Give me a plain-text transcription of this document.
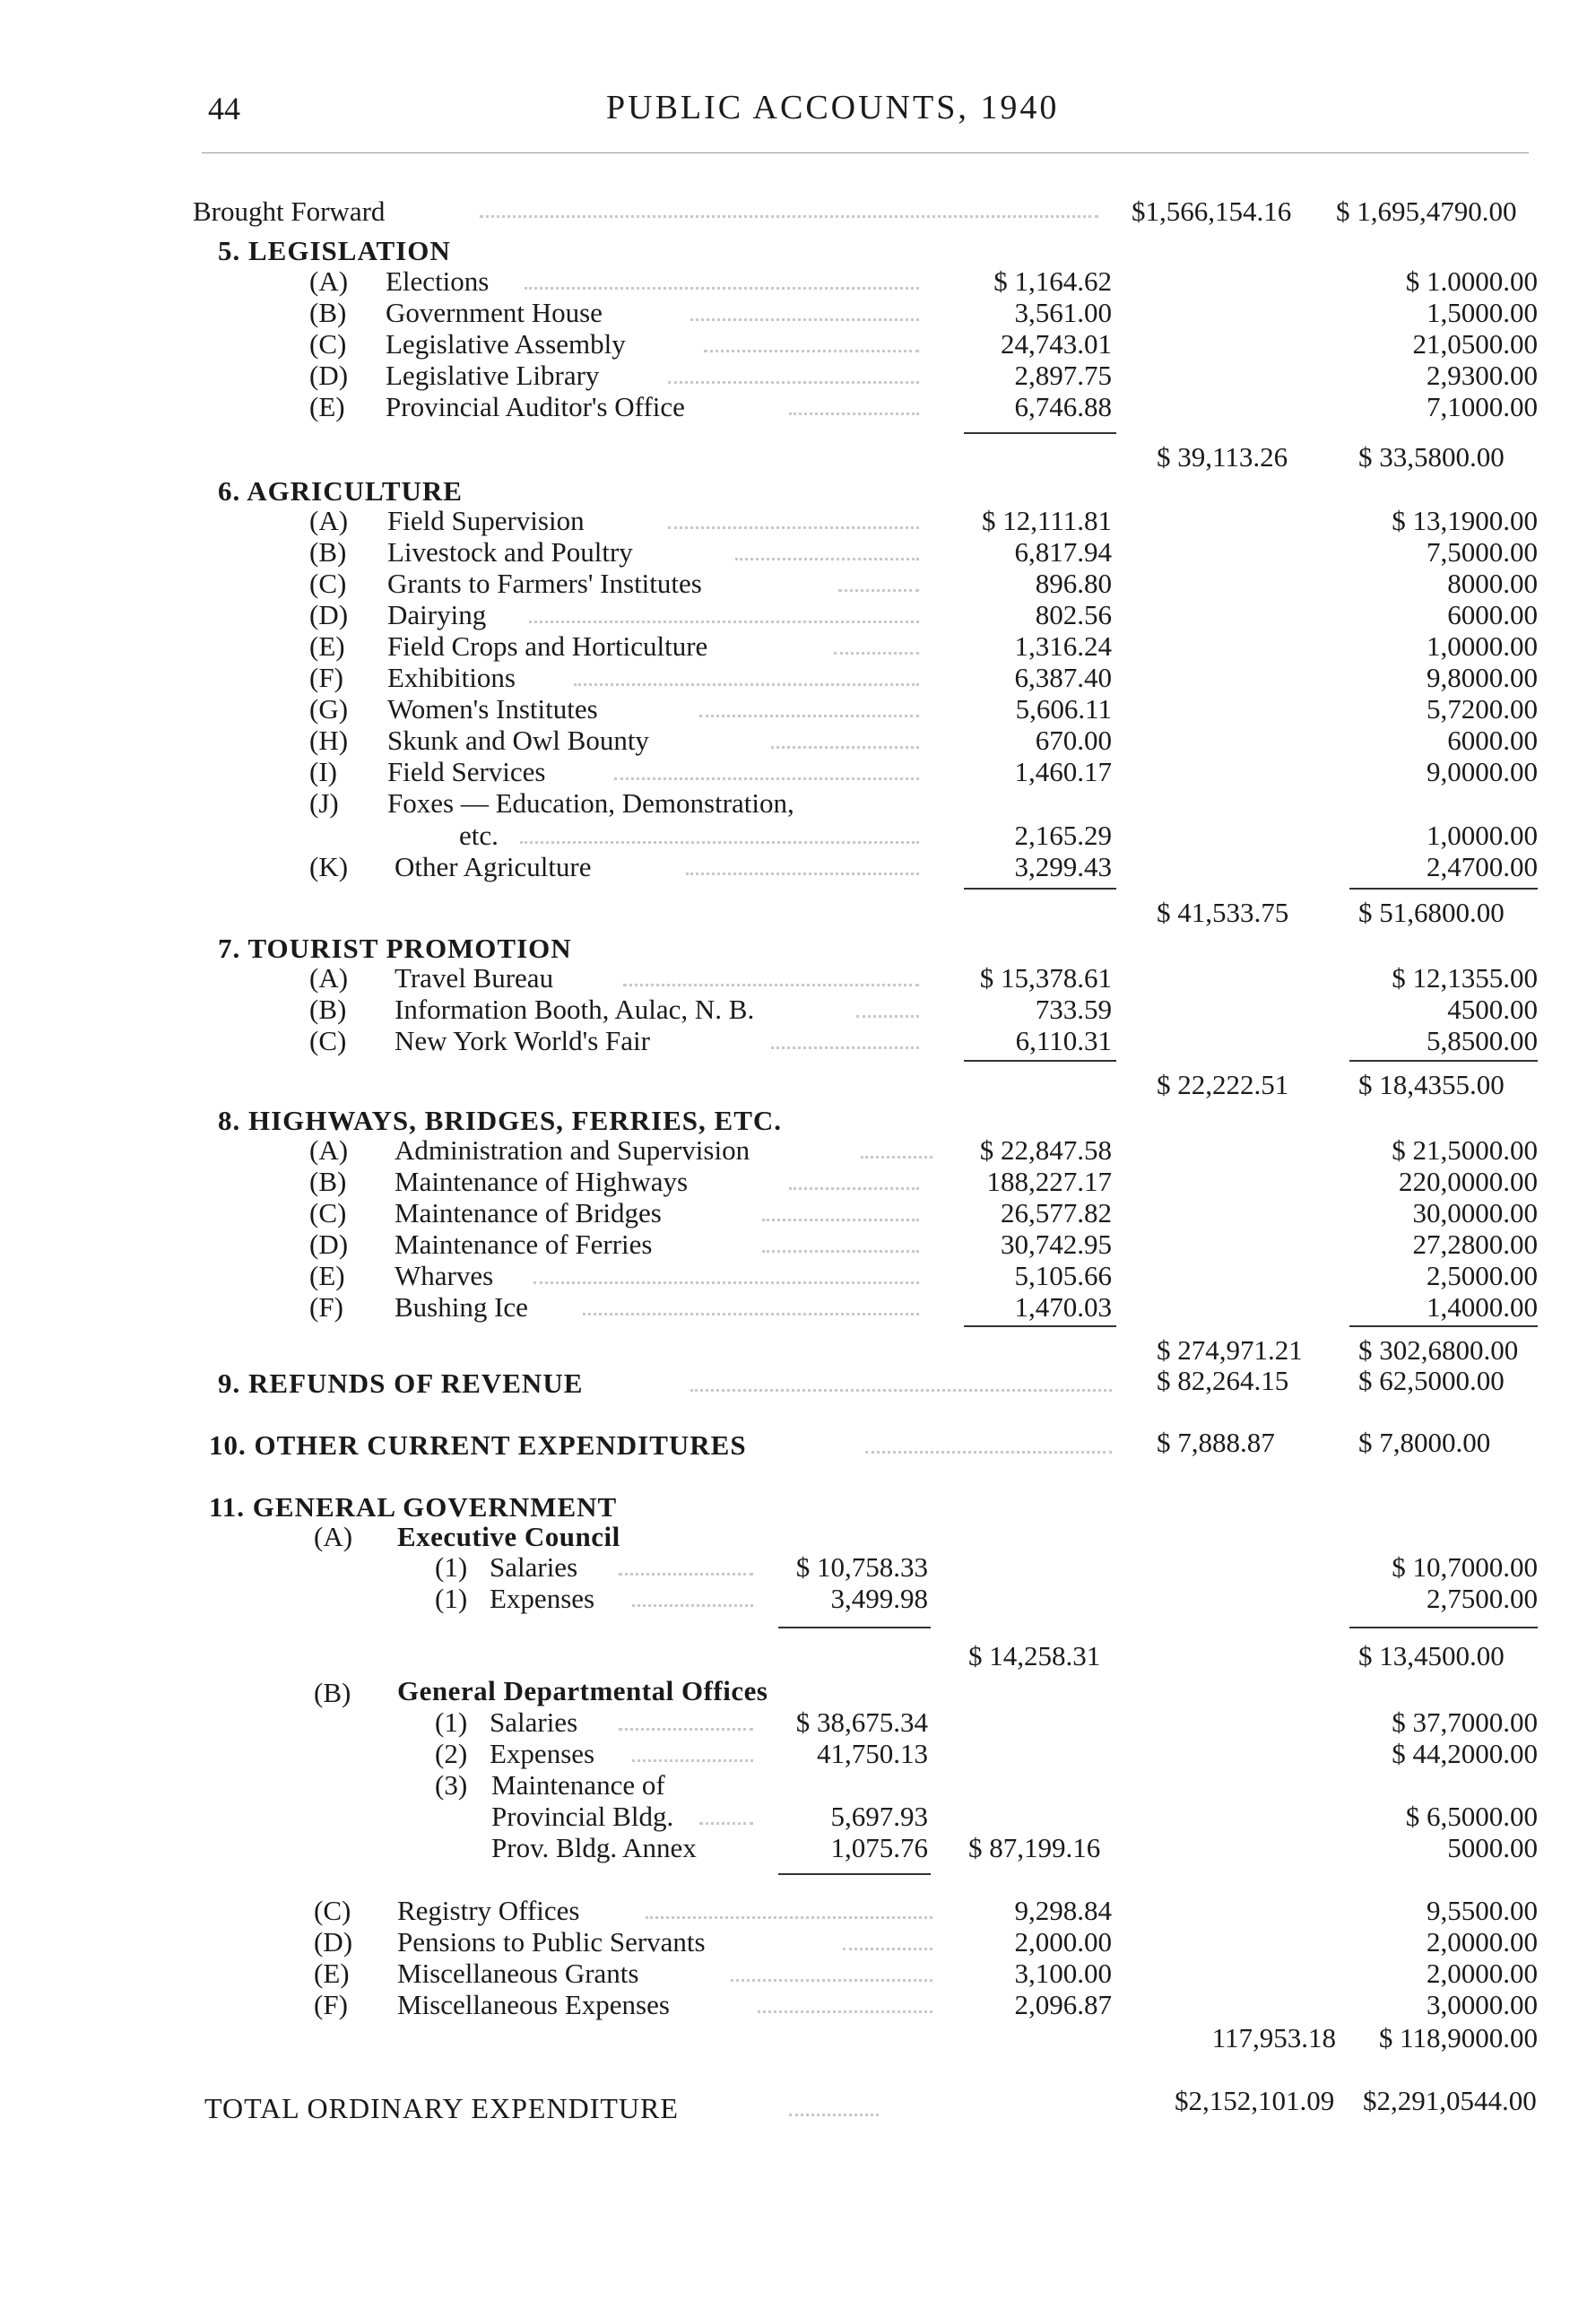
44	PUBLIC ACCOUNTS, 1940
Brought Forward	$1,566,154.16 $ 1,695,4790.00
5. LEGISLATION
(A) Elections	$ 1,164.62	$ 1.0000.00
(B) Government House	3,561.00	1,5000.00
(C) Legislative Assembly	24,743.01	21,0500.00
(D) Legislative Library	2,897.75	2,9300.00
(E) Provincial Auditor's Office	6,746.88	7,1000.00
$ 39,113.26	$ 33,5800.00
6. AGRICULTURE
(A) Field Supervision	$ 12,111.81	$ 13,1900.00
(B) Livestock and Poultry	6,817.94	7,5000.00
(C) Grants to Farmers' Institutes	896.80	8000.00
(D) Dairying	802.56	6000.00
(E) Field Crops and Horticulture	1,316.24	1,0000.00
(F) Exhibitions	6,387.40	9,8000.00
(G) Women's Institutes	5,606.11	5,7200.00
(H) Skunk and Owl Bounty	670.00	6000.00
(I) Field Services	1,460.17	9,0000.00
(J) Foxes — Education, Demonstration,
etc.	2,165.29	1,0000.00
(K) Other Agriculture	3,299.43	2,4700.00
$ 41,533.75	$ 51,6800.00
7. TOURIST PROMOTION
(A) Travel Bureau	$ 15,378.61	$ 12,1355.00
(B) Information Booth, Aulac, N. B.	733.59	4500.00
(C) New York World's Fair	6,110.31	5,8500.00
$ 22,222.51	$ 18,4355.00
8. HIGHWAYS, BRIDGES, FERRIES, ETC.
(A) Administration and Supervision	$ 22,847.58	$ 21,5000.00
(B) Maintenance of Highways	188,227.17	220,0000.00
(C) Maintenance of Bridges	26,577.82	30,0000.00
(D) Maintenance of Ferries	30,742.95	27,2800.00
(E) Wharves	5,105.66	2,5000.00
(F) Bushing Ice	1,470.03	1,4000.00
$ 274,971.21 $ 302,6800.00
9. REFUNDS OF REVENUE	$ 82,264.15	$ 62,5000.00
10. OTHER CURRENT EXPENDITURES	$ 7,888.87	$ 7,8000.00
11. GENERAL GOVERNMENT
(A) Executive Council
(1) Salaries	$ 10,758.33	$ 10,7000.00
(1) Expenses	3,499.98	2,7500.00
$ 14,258.31	$ 13,4500.00
(B) General Departmental Offices
(1) Salaries	$ 38,675.34	$ 37,7000.00
(2) Expenses	41,750.13	$ 44,2000.00
(3) Maintenance of
Provincial Bldg.	5,697.93	$ 6,5000.00
Prov. Bldg. Annex	1,075.76 $ 87,199.16	5000.00
(C) Registry Offices	9,298.84	9,5500.00
(D) Pensions to Public Servants	2,000.00	2,0000.00
(E) Miscellaneous Grants	3,100.00	2,0000.00
(F) Miscellaneous Expenses	2,096.87	3,0000.00
117,953.18	$ 118,9000.00
TOTAL ORDINARY EXPENDITURE	$2,152,101.09 $2,291,0544.00
